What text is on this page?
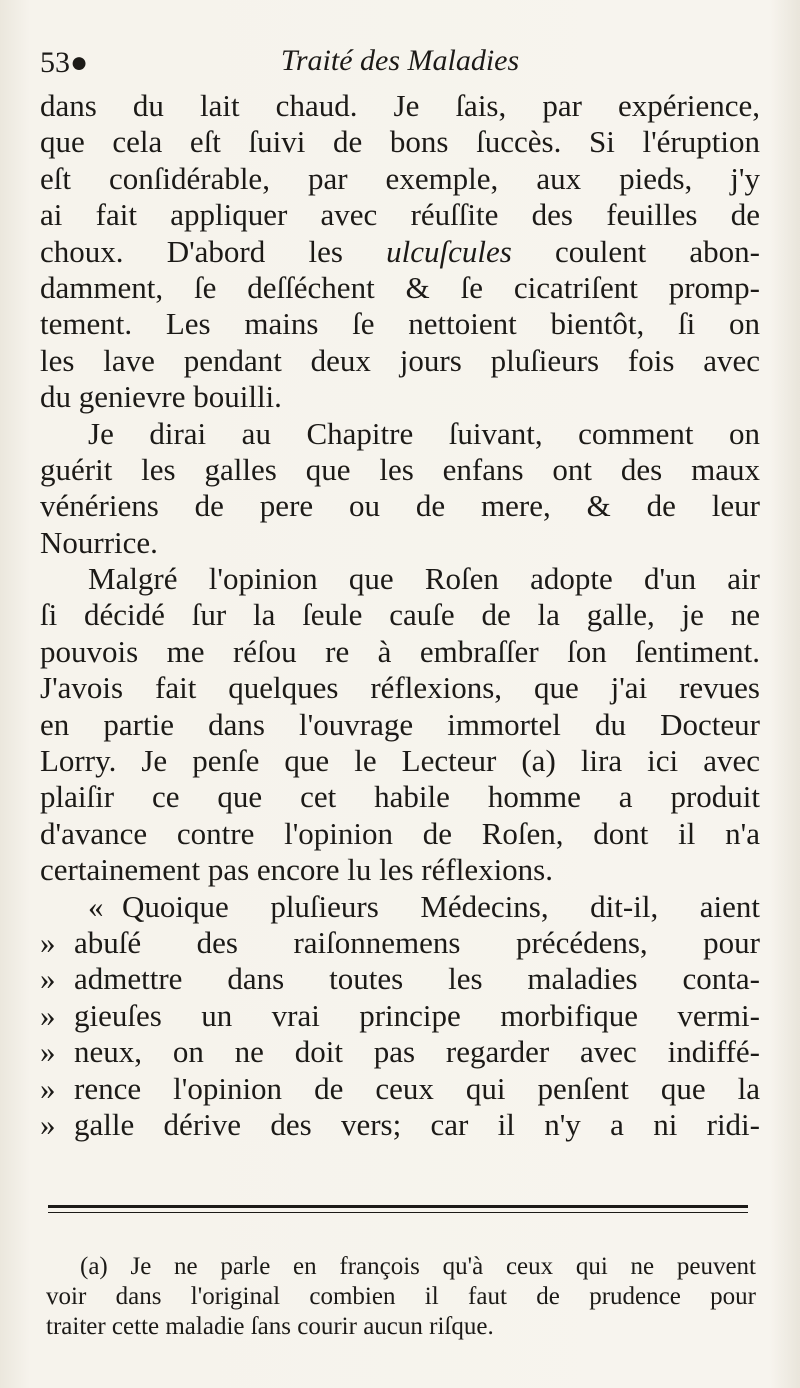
53●	Traité des Maladies
dans du lait chaud. Je ſais, par expérience,
que cela eſt ſuivi de bons ſuccès. Si l'éruption
eſt conſidérable, par exemple, aux pieds, j'y
ai fait appliquer avec réuſſite des feuilles de
choux. D'abord les ulcuſcules coulent abon-
damment, ſe deſſéchent & ſe cicatriſent promp-
tement. Les mains ſe nettoient bientôt, ſi on
les lave pendant deux jours pluſieurs fois avec
du genievre bouilli.
Je dirai au Chapitre ſuivant, comment on
guérit les galles que les enfans ont des maux
vénériens de pere ou de mere, & de leur
Nourrice.
Malgré l'opinion que Roſen adopte d'un air
ſi décidé ſur la ſeule cauſe de la galle, je ne
pouvois me réſou re à embraſſer ſon ſentiment.
J'avois fait quelques réflexions, que j'ai revues
en partie dans l'ouvrage immortel du Docteur
Lorry. Je penſe que le Lecteur (a) lira ici avec
plaiſir ce que cet habile homme a produit
d'avance contre l'opinion de Roſen, dont il n'a
certainement pas encore lu les réflexions.
« Quoique pluſieurs Médecins, dit-il, aient
» abuſé des raiſonnemens précédens, pour
» admettre dans toutes les maladies conta-
» gieuſes un vrai principe morbifique vermi-
» neux, on ne doit pas regarder avec indiffé-
» rence l'opinion de ceux qui penſent que la
» galle dérive des vers; car il n'y a ni ridi-
(a) Je ne parle en françois qu'à ceux qui ne peuvent
voir dans l'original combien il faut de prudence pour
traiter cette maladie ſans courir aucun riſque.
